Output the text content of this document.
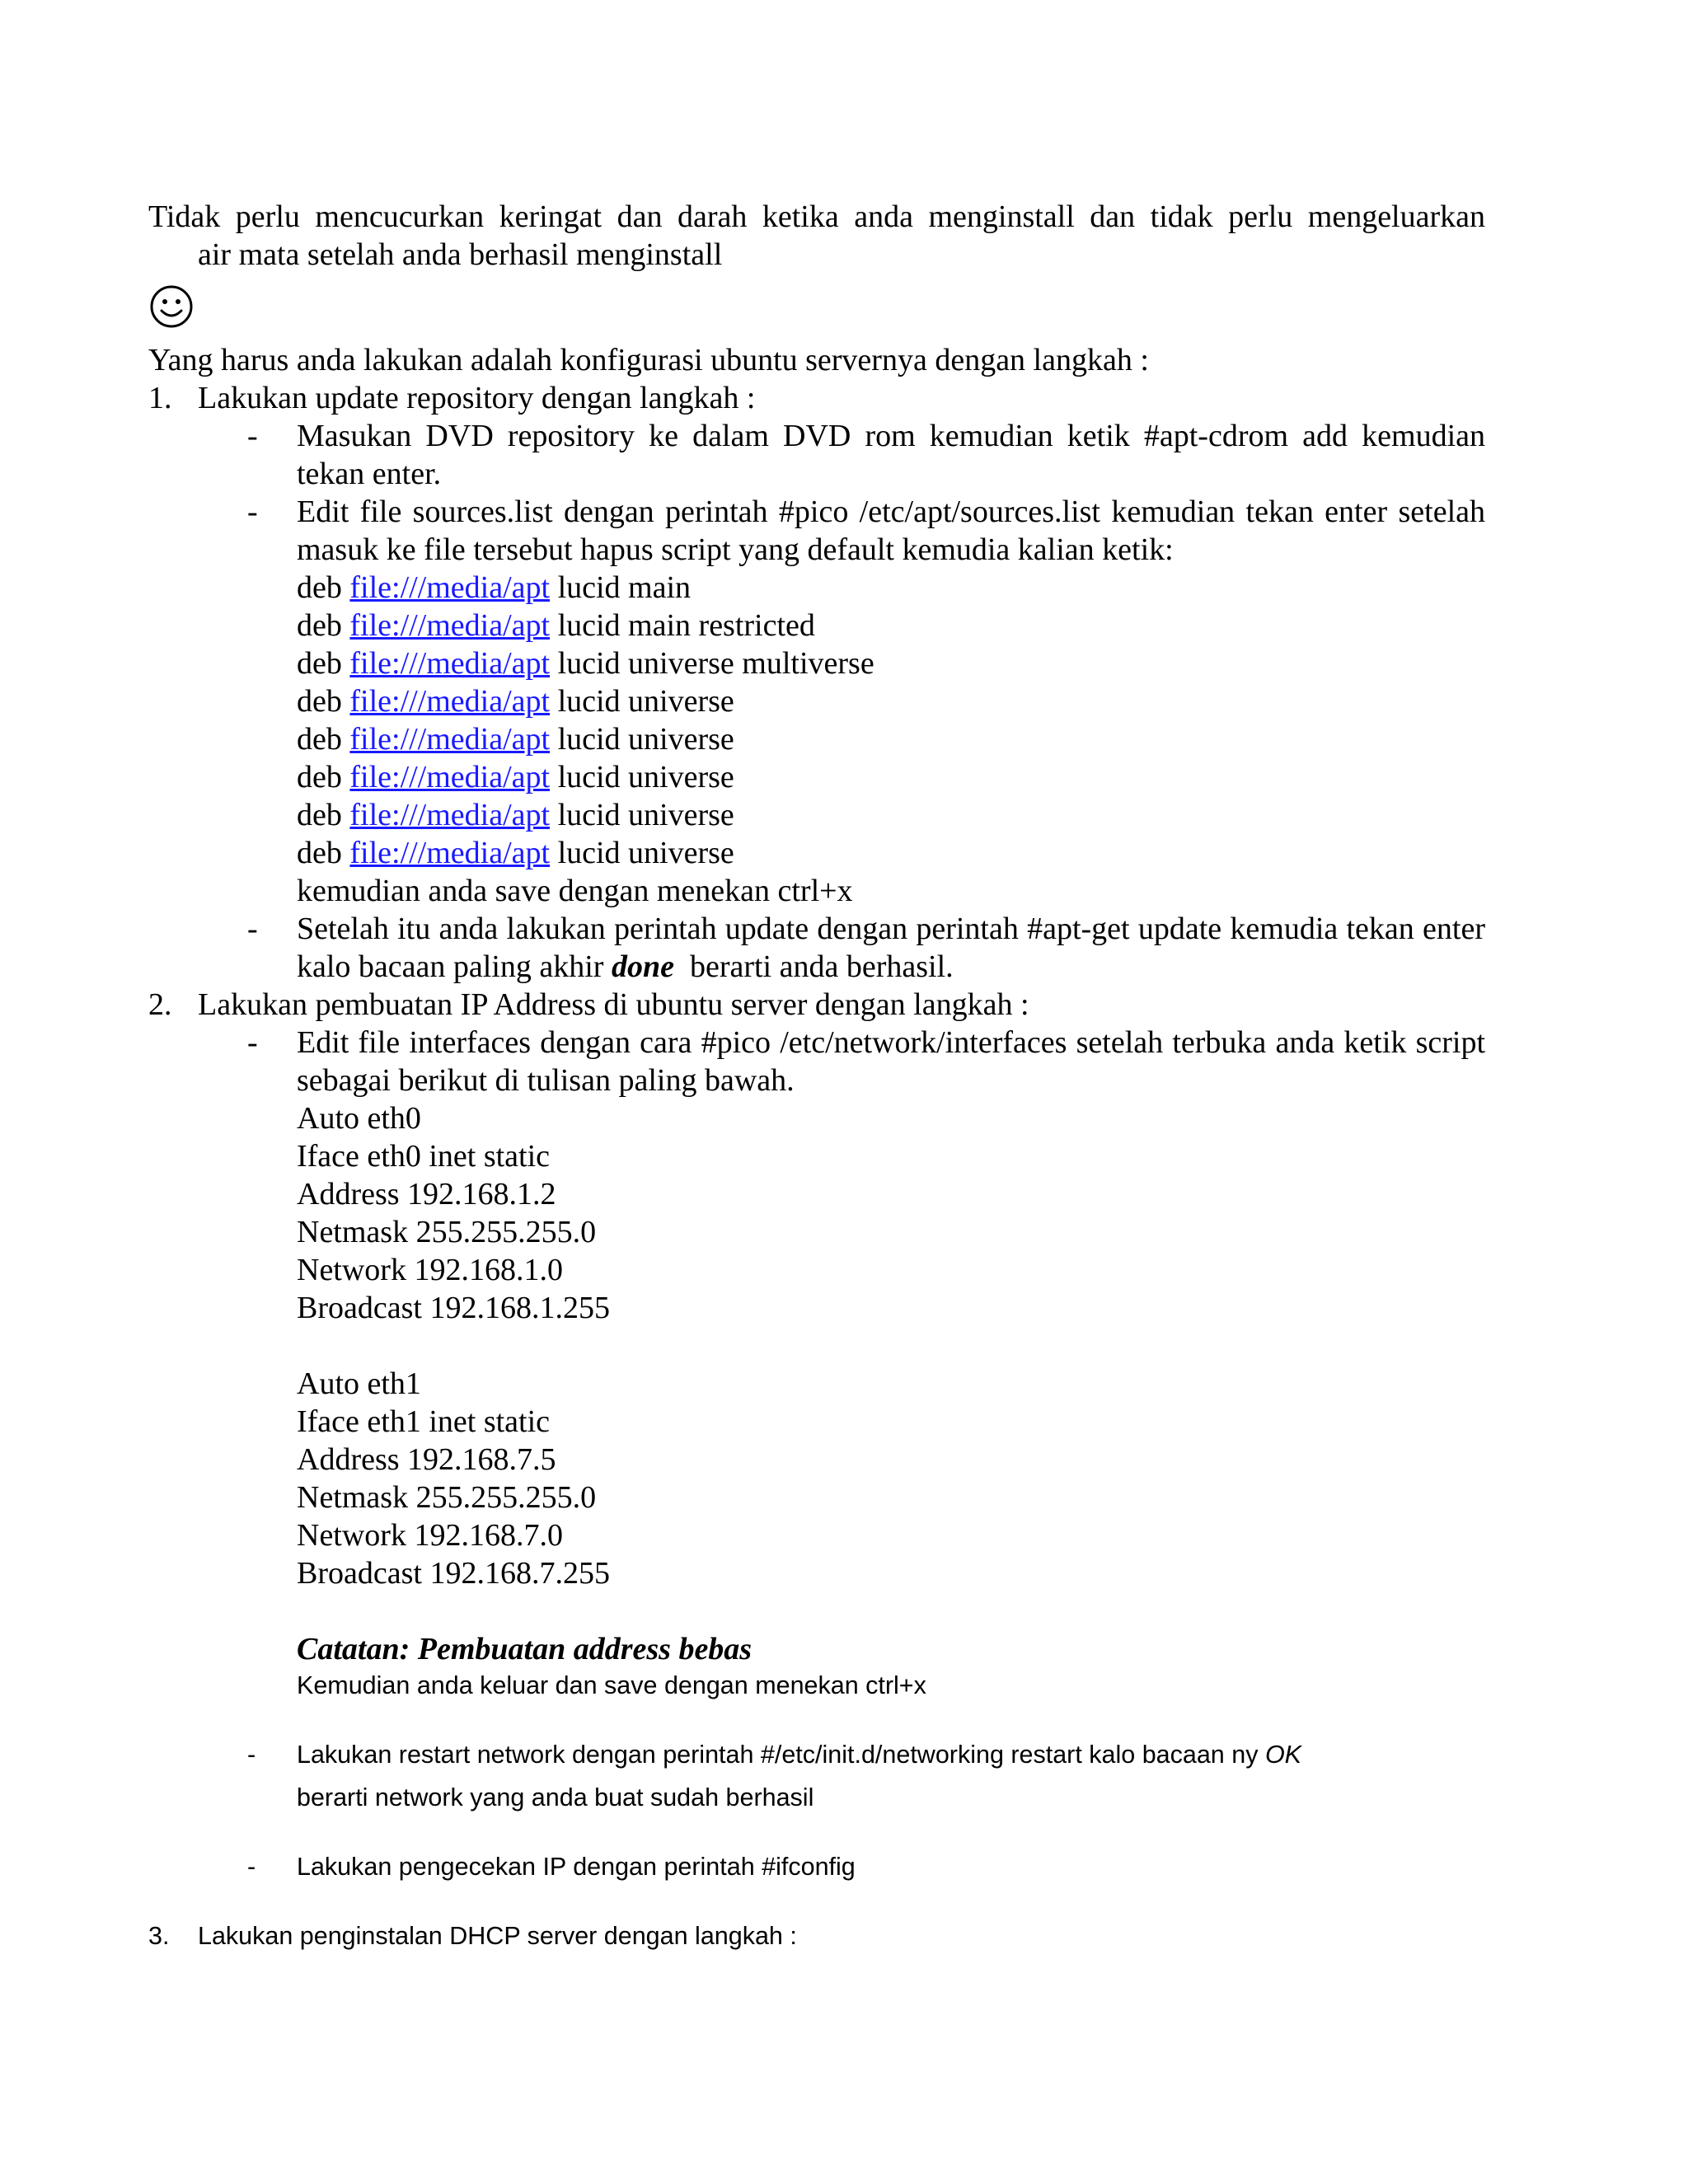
Tidak perlu mencucurkan keringat dan darah ketika anda menginstall dan tidak perlu mengeluarkan
air mata setelah anda berhasil menginstall
Yang harus anda lakukan adalah konfigurasi ubuntu servernya dengan langkah :
1. Lakukan update repository dengan langkah :
-	Masukan DVD repository ke dalam DVD rom kemudian ketik #apt-cdrom add kemudian tekan enter.
-	Edit file sources.list dengan perintah #pico /etc/apt/sources.list kemudian tekan enter setelah masuk ke file tersebut hapus script yang default kemudia kalian ketik:
deb file:///media/apt lucid main
deb file:///media/apt lucid main restricted
deb file:///media/apt lucid universe multiverse
deb file:///media/apt lucid universe
deb file:///media/apt lucid universe
deb file:///media/apt lucid universe
deb file:///media/apt lucid universe
deb file:///media/apt lucid universe
kemudian anda save dengan menekan ctrl+x
-	Setelah itu anda lakukan perintah update dengan perintah #apt-get update kemudia tekan enter kalo bacaan paling akhir done berarti anda berhasil.
2. Lakukan pembuatan IP Address di ubuntu server dengan langkah :
-	Edit file interfaces dengan cara #pico /etc/network/interfaces setelah terbuka anda ketik script sebagai berikut di tulisan paling bawah.
Auto eth0
Iface eth0 inet static
Address 192.168.1.2
Netmask 255.255.255.0
Network 192.168.1.0
Broadcast 192.168.1.255
Auto eth1
Iface eth1 inet static
Address 192.168.7.5
Netmask 255.255.255.0
Network 192.168.7.0
Broadcast 192.168.7.255
Catatan: Pembuatan address bebas
Kemudian anda keluar dan save dengan menekan ctrl+x
-	Lakukan restart network dengan perintah #/etc/init.d/networking restart kalo bacaan ny OK
berarti network yang anda buat sudah berhasil
-	Lakukan pengecekan IP dengan perintah #ifconfig
3.	Lakukan penginstalan DHCP server dengan langkah :
